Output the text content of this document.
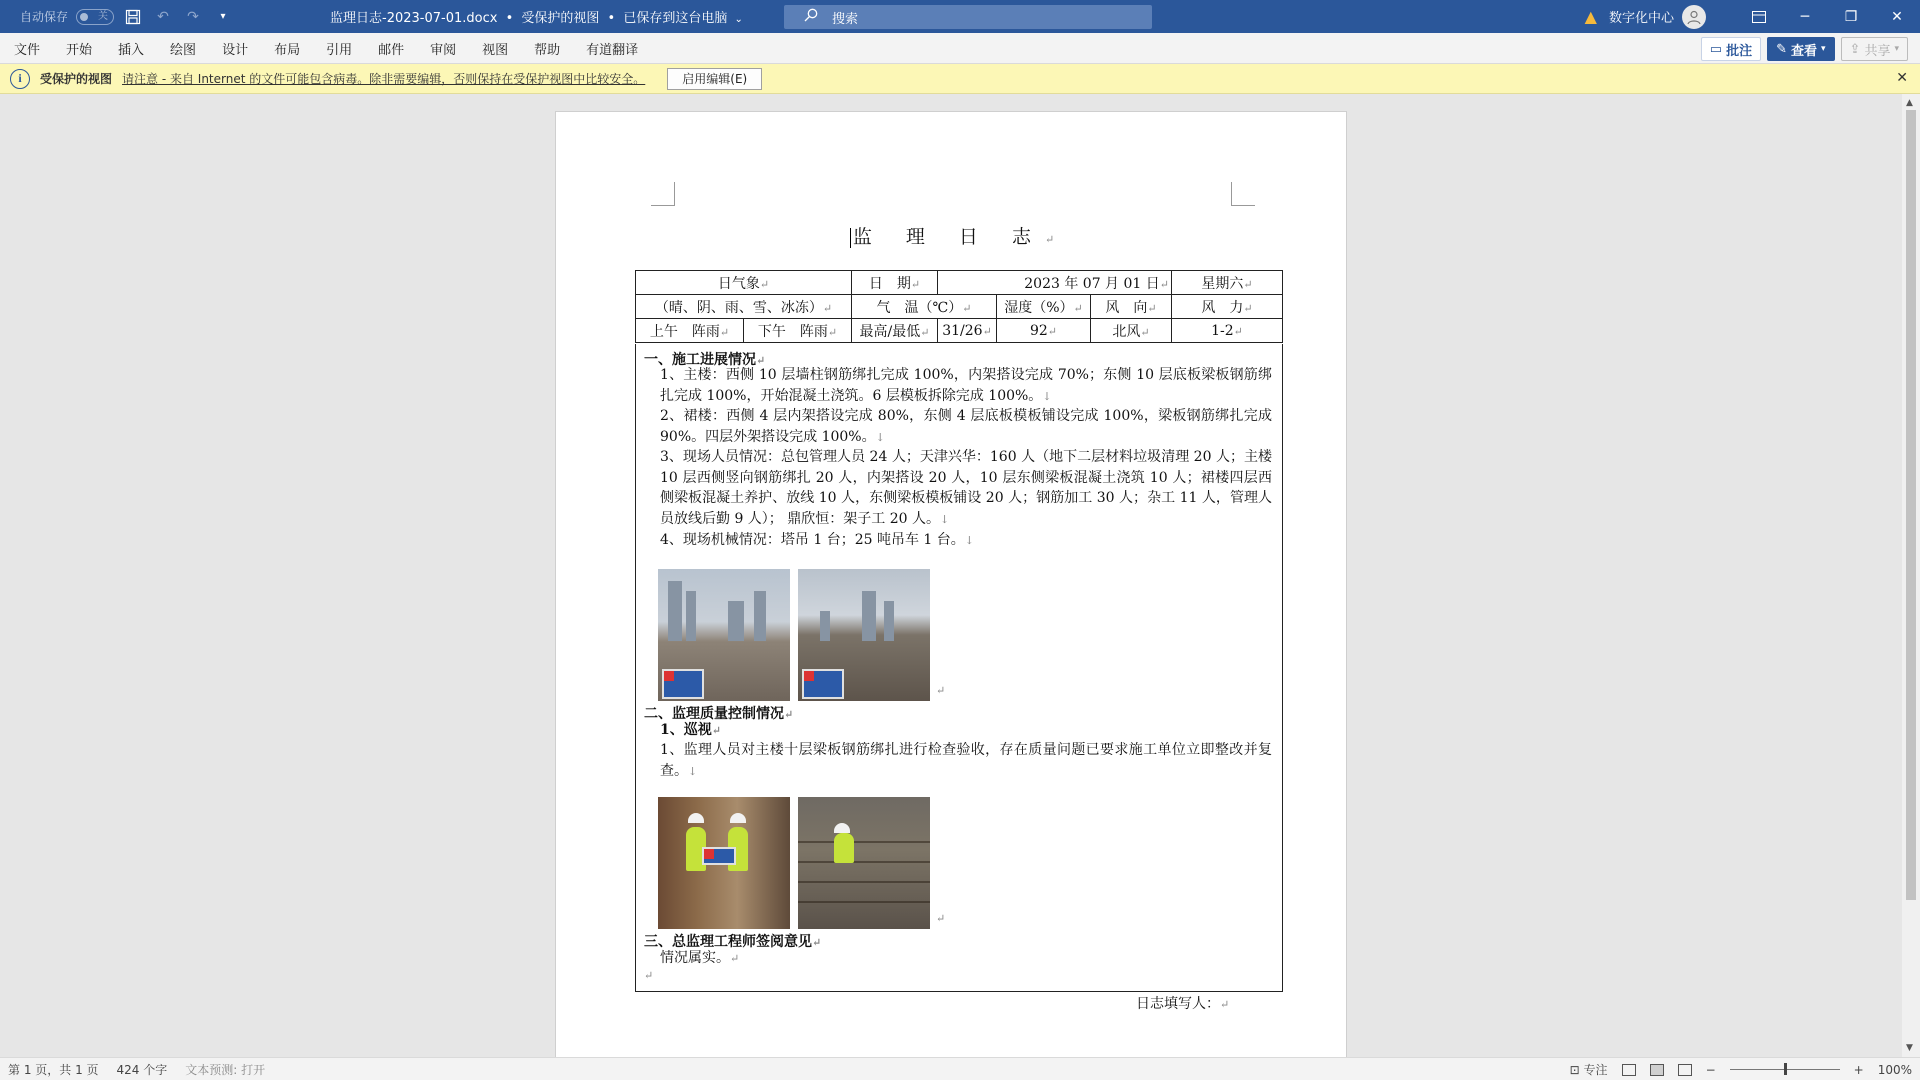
自动保存	关	↶	↷	▾	监理日志-2023-07-01.docx • 受保护的视图 • 已保存到这台电脑 ⌄	搜索	▲ 数字化中心	─	❐	✕
文件	开始	插入	绘图	设计	布局	引用	邮件	审阅	视图	帮助	有道翻译	▭ 批注 ✎ 查看 ▾ ⇪ 共享 ▾
i	受保护的视图 请注意 - 来自 Internet 的文件可能包含病毒。除非需要编辑，否则保持在受保护视图中比较安全。	启用编辑(E)	✕
监 理 日 志↵
日气象↵		日　期↵	2023 年 07 月 01 日↵			星期六↵
（晴、阴、雨、雪、冰冻）↵		气　温（℃）↵		湿度（%）↵	风　向↵	风　力↵
上午　阵雨↵	下午　阵雨↵	最高/最低↵	31/26↵	92↵	北风↵	1-2↵
一、施工进展情况↵
1、主楼：西侧 10 层墙柱钢筋绑扎完成 100%，内架搭设完成 70%；东侧 10 层底板梁板钢筋绑扎完成 100%，开始混凝土浇筑。6 层模板拆除完成 100%。↓
2、裙楼：西侧 4 层内架搭设完成 80%，东侧 4 层底板模板铺设完成 100%，梁板钢筋绑扎完成 90%。四层外架搭设完成 100%。↓
3、现场人员情况：总包管理人员 24 人；天津兴华：160 人（地下二层材料垃圾清理 20 人；主楼 10 层西侧竖向钢筋绑扎 20 人，内架搭设 20 人，10 层东侧梁板混凝土浇筑 10 人；裙楼四层西侧梁板混凝土养护、放线 10 人，东侧梁板模板铺设 20 人；钢筋加工 30 人；杂工 11 人，管理人员放线后勤 9 人）； 鼎欣恒：架子工 20 人。↓
4、现场机械情况：塔吊 1 台；25 吨吊车 1 台。↓
↵
二、监理质量控制情况↵
1、巡视↵
1、监理人员对主楼十层梁板钢筋绑扎进行检查验收，存在质量问题已要求施工单位立即整改并复查。↓
↵
三、总监理工程师签阅意见↵
情况属实。↵
↵
日志填写人：↵
▲
▼
第 1 页，共 1 页 424 个字 文本预测: 打开	⊡ 专注	−	+ 100%
